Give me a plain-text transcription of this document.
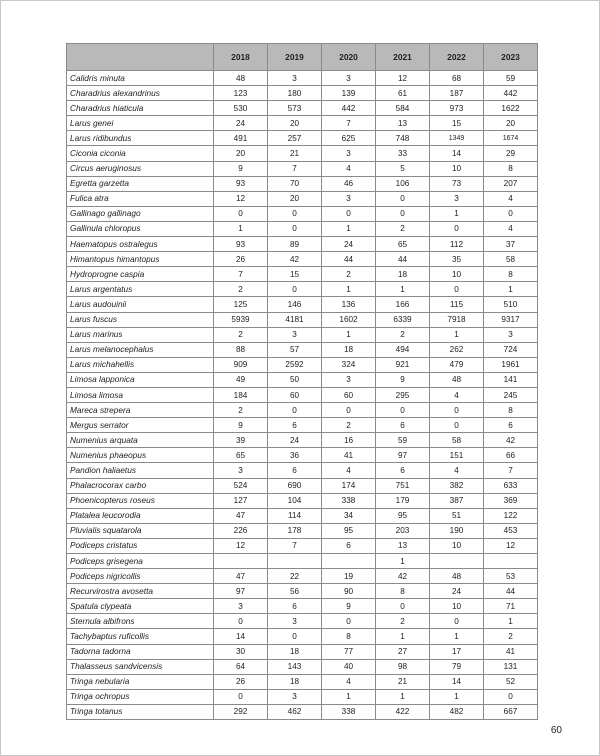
	2018	2019	2020	2021	2022	2023
Calidris minuta	48	3	3	12	68	59
Charadrius alexandrinus	123	180	139	61	187	442
Charadrius hiaticula	530	573	442	584	973	1622
Larus genei	24	20	7	13	15	20
Larus ridibundus	491	257	625	748	1349	1674
Ciconia ciconia	20	21	3	33	14	29
Circus aeruginosus	9	7	4	5	10	8
Egretta garzetta	93	70	46	106	73	207
Fulica atra	12	20	3	0	3	4
Gallinago gallinago	0	0	0	0	1	0
Gallinula chloropus	1	0	1	2	0	4
Haematopus ostralegus	93	89	24	65	112	37
Himantopus himantopus	26	42	44	44	35	58
Hydroprogne caspia	7	15	2	18	10	8
Larus argentatus	2	0	1	1	0	1
Larus audouinii	125	146	136	166	115	510
Larus fuscus	5939	4181	1602	6339	7918	9317
Larus marinus	2	3	1	2	1	3
Larus melanocephalus	88	57	18	494	262	724
Larus michahellis	909	2592	324	921	479	1961
Limosa lapponica	49	50	3	9	48	141
Limosa limosa	184	60	60	295	4	245
Mareca strepera	2	0	0	0	0	8
Mergus serrator	9	6	2	6	0	6
Numenius arquata	39	24	16	59	58	42
Numenius phaeopus	65	36	41	97	151	66
Pandion haliaetus	3	6	4	6	4	7
Phalacrocorax carbo	524	690	174	751	382	633
Phoenicopterus roseus	127	104	338	179	387	369
Platalea leucorodia	47	114	34	95	51	122
Pluvialis squatarola	226	178	95	203	190	453
Podiceps cristatus	12	7	6	13	10	12
Podiceps grisegena				1		
Podiceps nigricollis	47	22	19	42	48	53
Recurvirostra avosetta	97	56	90	8	24	44
Spatula clypeata	3	6	9	0	10	71
Sternula albifrons	0	3	0	2	0	1
Tachybaptus ruficollis	14	0	8	1	1	2
Tadorna tadorna	30	18	77	27	17	41
Thalasseus sandvicensis	64	143	40	98	79	131
Tringa nebularia	26	18	4	21	14	52
Tringa ochropus	0	3	1	1	1	0
Tringa totanus	292	462	338	422	482	667
60
